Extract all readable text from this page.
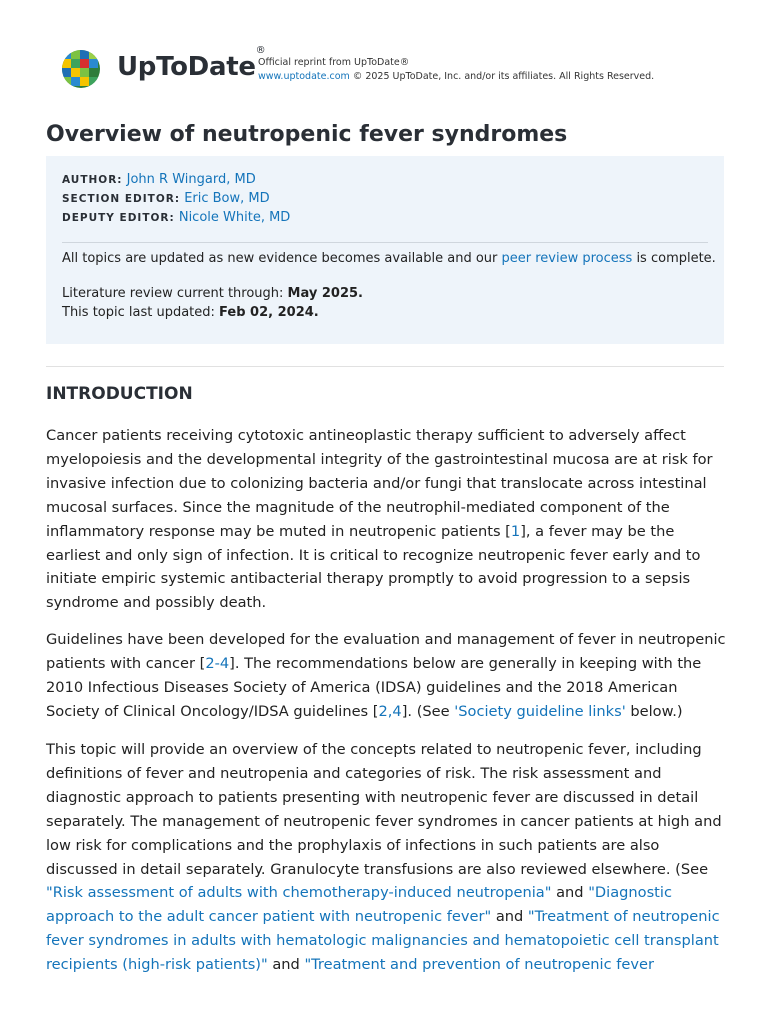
UpToDate®
Official reprint from UpToDate®
www.uptodate.com © 2025 UpToDate, Inc. and/or its affiliates. All Rights Reserved.
Overview of neutropenic fever syndromes
AUTHOR: John R Wingard, MD
SECTION EDITOR: Eric Bow, MD
DEPUTY EDITOR: Nicole White, MD
All topics are updated as new evidence becomes available and our peer review process is complete.
Literature review current through: May 2025.
This topic last updated: Feb 02, 2024.
INTRODUCTION

Cancer patients receiving cytotoxic antineoplastic therapy sufficient to adversely affect myelopoiesis and the developmental integrity of the gastrointestinal mucosa are at risk for invasive infection due to colonizing bacteria and/or fungi that translocate across intestinal mucosal surfaces. Since the magnitude of the neutrophil-mediated component of the inflammatory response may be muted in neutropenic patients [1], a fever may be the earliest and only sign of infection. It is critical to recognize neutropenic fever early and to initiate empiric systemic antibacterial therapy promptly to avoid progression to a sepsis syndrome and possibly death.

Guidelines have been developed for the evaluation and management of fever in neutropenic patients with cancer [2-4]. The recommendations below are generally in keeping with the 2010 Infectious Diseases Society of America (IDSA) guidelines and the 2018 American Society of Clinical Oncology/IDSA guidelines [2,4]. (See 'Society guideline links' below.)

This topic will provide an overview of the concepts related to neutropenic fever, including definitions of fever and neutropenia and categories of risk. The risk assessment and diagnostic approach to patients presenting with neutropenic fever are discussed in detail separately. The management of neutropenic fever syndromes in cancer patients at high and low risk for complications and the prophylaxis of infections in such patients are also discussed in detail separately. Granulocyte transfusions are also reviewed elsewhere. (See "Risk assessment of adults with chemotherapy-induced neutropenia" and "Diagnostic approach to the adult cancer patient with neutropenic fever" and "Treatment of neutropenic fever syndromes in adults with hematologic malignancies and hematopoietic cell transplant recipients (high-risk patients)" and "Treatment and prevention of neutropenic fever
